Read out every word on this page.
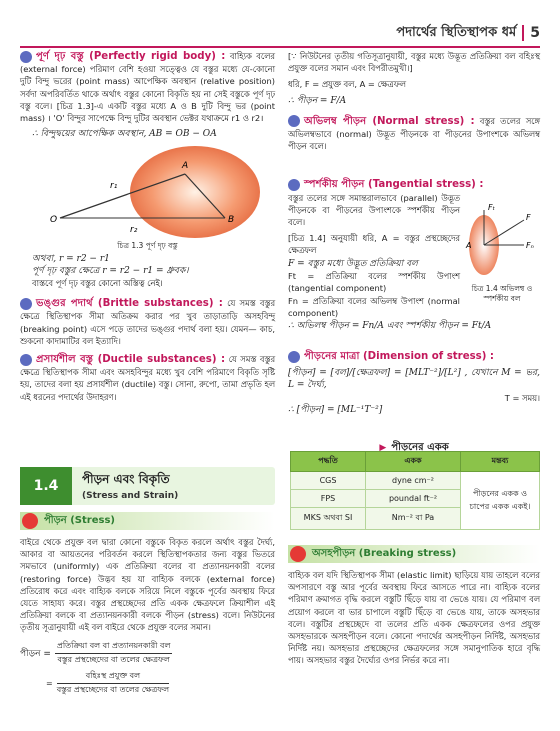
পদার্থের স্থিতিস্থাপক ধর্ম 5

পূর্ণ দৃঢ় বস্তু (Perfectly rigid body) : বাহ্যিক বলের (external force) পরিমাণ বেশি হওয়া সত্ত্বেও যে বস্তুর মধ্যে যে-কোনো দুটি বিন্দু ভরের (point mass) আপেক্ষিক অবস্থান (relative position) সর্বদা অপরিবর্তিত থাকে অর্থাৎ বস্তুর কোনো বিকৃতি হয় না সেই বস্তুকে পূর্ণ দৃঢ় বস্তু বলে। [চিত্র 1.3]-এ একটি বস্তুর মধ্যে A ও B দুটি বিন্দু ভর (point mass) । 'O' বিন্দুর সাপেক্ষে বিন্দু দুটির অবস্থান ভেক্টর যথাক্রমে r1 ও r2।

∴ বিন্দুদ্বয়ের আপেক্ষিক অবস্থান, AB = OB − OA

O
A
B
r₁
r₂

চিত্র 1.3 পূর্ণ দৃঢ় বস্তু

অথবা, r = r2 − r1

পূর্ণ দৃঢ় বস্তুর ক্ষেত্রে r = r2 − r1 = ধ্রুবক।

বাস্তবে পূর্ণ দৃঢ় বস্তুর কোনো অস্তিত্ব নেই।

ভঙ্গুর পদার্থ (Brittle substances) : যে সমস্ত বস্তুর ক্ষেত্রে স্থিতিস্থাপক সীমা অতিক্রম করার পর খুব তাড়াতাড়ি অসহবিন্দু (breaking point) এসে পড়ে তাদের ভঙ্গুর পদার্থ বলা হয়। যেমন— কাচ, শুকনো কাদামাটির বল ইত্যাদি।

প্রসার্যশীল বস্তু (Ductile substances) : যে সমস্ত বস্তুর ক্ষেত্রে স্থিতিস্থাপক সীমা এবং অসহবিন্দুর মধ্যে খুব বেশি পরিমাণে বিকৃতি সৃষ্টি হয়, তাদের বলা হয় প্রসার্যশীল (ductile) বস্তু। সোনা, রুপো, তামা প্রভৃতি হল এই ধরনের পদার্থের উদাহরণ।

1.4	পীড়ন এবং বিকৃতি
(Stress and Strain)
পীড়ন (Stress)

বাইরে থেকে প্রযুক্ত বল দ্বারা কোনো বস্তুকে বিকৃত করলে অর্থাৎ বস্তুর দৈর্ঘ্য, আকার বা আয়তনের পরিবর্তন করলে স্থিতিস্থাপকতার জন্য বস্তুর ভিতরে সমভাবে (uniformly) এক প্রতিক্রিয়া বলের বা প্রত্যানয়নকারী বলের (restoring force) উদ্ভব হয় যা বাহ্যিক বলকে (external force) প্রতিরোধ করে এবং বাহ্যিক বলকে সরিয়ে নিলে বস্তুকে পূর্বের অবস্থায় ফিরে যেতে সাহায্য করে। বস্তুর প্রস্থচ্ছেদের প্রতি একক ক্ষেত্রফলে ক্রিয়াশীল এই প্রতিক্রিয়া বলকে বা প্রত্যানয়নকারী বলকে পীড়ন (stress) বলে। নিউটনের তৃতীয় সূত্রানুযায়ী এই বল বাইরে থেকে প্রযুক্ত বলের সমান।

পীড়ন =
প্রতিক্রিয়া বল বা প্রত্যানয়নকারী বল
বস্তুর প্রস্থচ্ছেদের বা তলের ক্ষেত্রফল
=
বহিঃস্থ প্রযুক্ত বল
বস্তুর প্রস্থচ্ছেদের বা তলের ক্ষেত্রফল

[∵ নিউটনের তৃতীয় গতিসূত্রানুযায়ী, বস্তুর মধ্যে উদ্ভূত প্রতিক্রিয়া বল বহিঃস্থ প্রযুক্ত বলের সমান এবং বিপরীতমুখী।]

ধরি, F = প্রযুক্ত বল, A = ক্ষেত্রফল

∴ পীড়ন = F/A

অভিলম্ব পীড়ন (Normal stress) : বস্তুর তলের সঙ্গে অভিলম্বভাবে (normal) উদ্ভূত পীড়নকে বা পীড়নের উপাংশকে অভিলম্ব পীড়ন বলে।

স্পর্শকীয় পীড়ন (Tangential stress) :

বস্তুর তলের সঙ্গে সমান্তরালভাবে (parallel) উদ্ভূত পীড়নকে বা পীড়নের উপাংশকে স্পর্শকীয় পীড়ন বলে।

[চিত্র 1.4] অনুযায়ী ধরি, A = বস্তুর প্রস্থচ্ছেদের ক্ষেত্রফল

F = বস্তুর মধ্যে উদ্ভূত প্রতিক্রিয়া বল

Ft = প্রতিক্রিয়া বলের স্পর্শকীয় উপাংশ (tangential component)

Fn = প্রতিক্রিয়া বলের অভিলম্ব উপাংশ (normal component)

Fₜ
F
Fₙ
A

চিত্র 1.4 অভিলম্ব ও স্পর্শকীয় বল

∴ অভিলম্ব পীড়ন = Fn/A এবং স্পর্শকীয় পীড়ন = Ft/A

পীড়নের মাত্রা (Dimension of stress) :

[পীড়ন] = [বল]/[ক্ষেত্রফল] = [MLT⁻²]/[L²] , যেখানে M = ভর, L = দৈর্ঘ্য,

T = সময়।

∴ [পীড়ন] = [ML⁻¹T⁻²]

▶ পীড়নের একক
পদ্ধতি	একক	মন্তব্য
CGS	dyne cm⁻²	পীড়নের একক ও চাপের একক একই।
FPS	poundal ft⁻²	
MKS অথবা SI	Nm⁻² বা Pa	
অসহপীড়ন (Breaking stress)

বাহ্যিক বল যদি স্থিতিস্থাপক সীমা (elastic limit) ছাড়িয়ে যায় তাহলে বলের অপসারণে বস্তু আর পূর্বের অবস্থায় ফিরে আসতে পারে না। বাহ্যিক বলের পরিমাণ ক্রমাগত বৃদ্ধি করলে বস্তুটি ছিঁড়ে যায় বা ভেঙে যায়। যে পরিমাণ বল প্রয়োগ করলে বা ভার চাপালে বস্তুটি ছিঁড়ে বা ভেঙে যায়, তাকে অসহভার বলে। বস্তুটির প্রস্থচ্ছেদে বা তলের প্রতি একক ক্ষেত্রফলের ওপর প্রযুক্ত অসহভারকে অসহপীড়ন বলে। কোনো পদার্থের অসহপীড়ন নির্দিষ্ট, অসহভার নির্দিষ্ট নয়। অসহভার প্রস্থচ্ছেদের ক্ষেত্রফলের সঙ্গে সমানুপাতিক হারে বৃদ্ধি পায়। অসহভার বস্তুর দৈর্ঘ্যের ওপর নির্ভর করে না।
